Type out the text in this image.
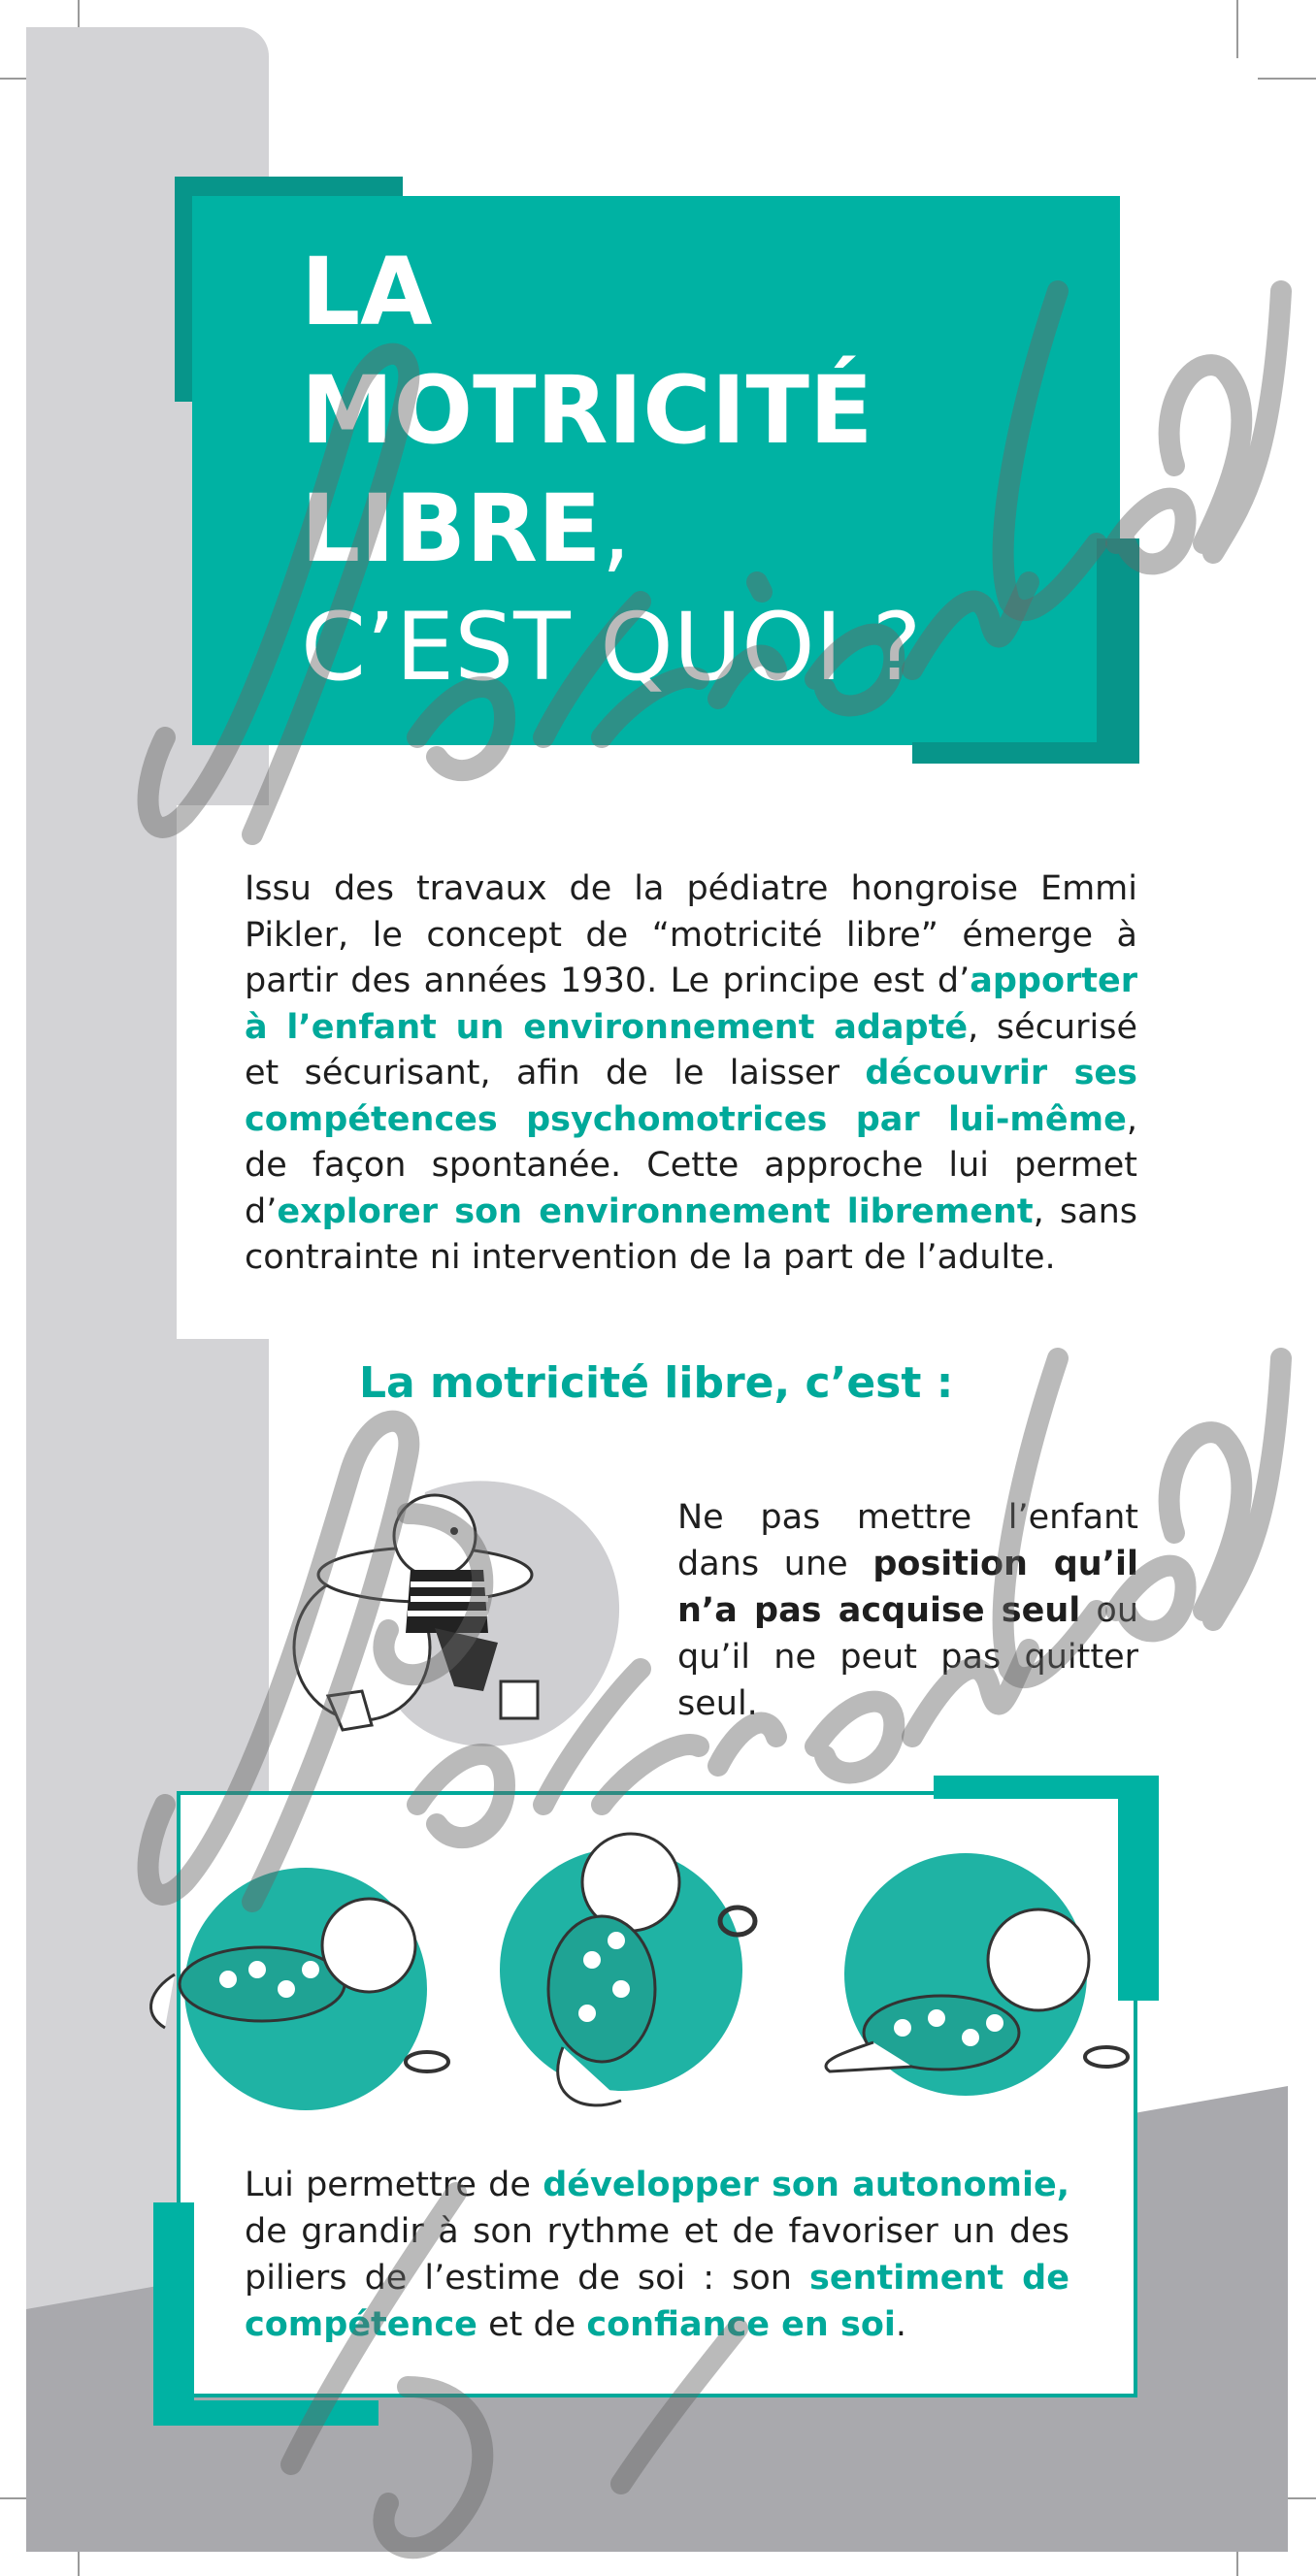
LA
MOTRICITÉ
LIBRE,
C’EST QUOI ?
Issu des travaux de la pédiatre hongroise Emmi Pikler, le concept de “motricité libre” émerge à partir des années 1930. Le principe est d’apporter à l’enfant un environnement adapté, sécurisé et sécurisant, afin de le laisser découvrir ses compétences psychomotrices par lui-même, de façon spontanée. Cette approche lui permet d’explorer son environnement librement, sans contrainte ni intervention de la part de l’adulte.
La motricité libre, c’est :
Ne pas mettre l’enfant dans une position qu’il n’a pas acquise seul ou qu’il ne peut pas quitter seul.
Lui permettre de développer son autonomie, de grandir à son rythme et de favoriser un des piliers de l’estime de soi : son sentiment de compétence et de confiance en soi.
